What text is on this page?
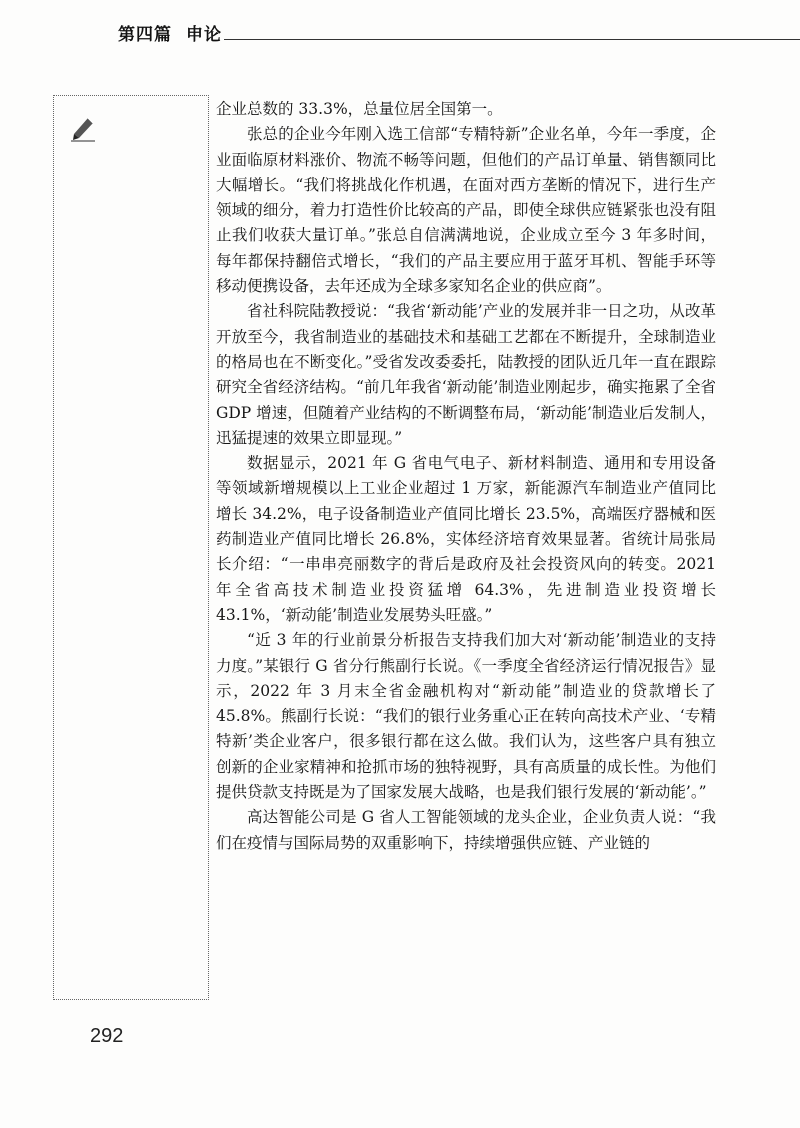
第四篇 申论

企业总数的 33.3%，总量位居全国第一。

张总的企业今年刚入选工信部“专精特新”企业名单，今年一季度，企业面临原材料涨价、物流不畅等问题，但他们的产品订单量、销售额同比大幅增长。“我们将挑战化作机遇，在面对西方垄断的情况下，进行生产领域的细分，着力打造性价比较高的产品，即使全球供应链紧张也没有阻止我们收获大量订单。”张总自信满满地说，企业成立至今 3 年多时间，每年都保持翻倍式增长，“我们的产品主要应用于蓝牙耳机、智能手环等移动便携设备，去年还成为全球多家知名企业的供应商”。

省社科院陆教授说：“我省‘新动能’产业的发展并非一日之功，从改革开放至今，我省制造业的基础技术和基础工艺都在不断提升，全球制造业的格局也在不断变化。”受省发改委委托，陆教授的团队近几年一直在跟踪研究全省经济结构。“前几年我省‘新动能’制造业刚起步，确实拖累了全省 GDP 增速，但随着产业结构的不断调整布局，‘新动能’制造业后发制人，迅猛提速的效果立即显现。”

数据显示，2021 年 G 省电气电子、新材料制造、通用和专用设备等领域新增规模以上工业企业超过 1 万家，新能源汽车制造业产值同比增长 34.2%，电子设备制造业产值同比增长 23.5%，高端医疗器械和医药制造业产值同比增长 26.8%，实体经济培育效果显著。省统计局张局长介绍：“一串串亮丽数字的背后是政府及社会投资风向的转变。2021 年全省高技术制造业投资猛增 64.3%，先进制造业投资增长 43.1%，‘新动能’制造业发展势头旺盛。”

“近 3 年的行业前景分析报告支持我们加大对‘新动能’制造业的支持力度。”某银行 G 省分行熊副行长说。《一季度全省经济运行情况报告》显示，2022 年 3 月末全省金融机构对“新动能”制造业的贷款增长了 45.8%。熊副行长说：“我们的银行业务重心正在转向高技术产业、‘专精特新’类企业客户，很多银行都在这么做。我们认为，这些客户具有独立创新的企业家精神和抢抓市场的独特视野，具有高质量的成长性。为他们提供贷款支持既是为了国家发展大战略，也是我们银行发展的‘新动能’。”

高达智能公司是 G 省人工智能领域的龙头企业，企业负责人说：“我们在疫情与国际局势的双重影响下，持续增强供应链、产业链的

292
